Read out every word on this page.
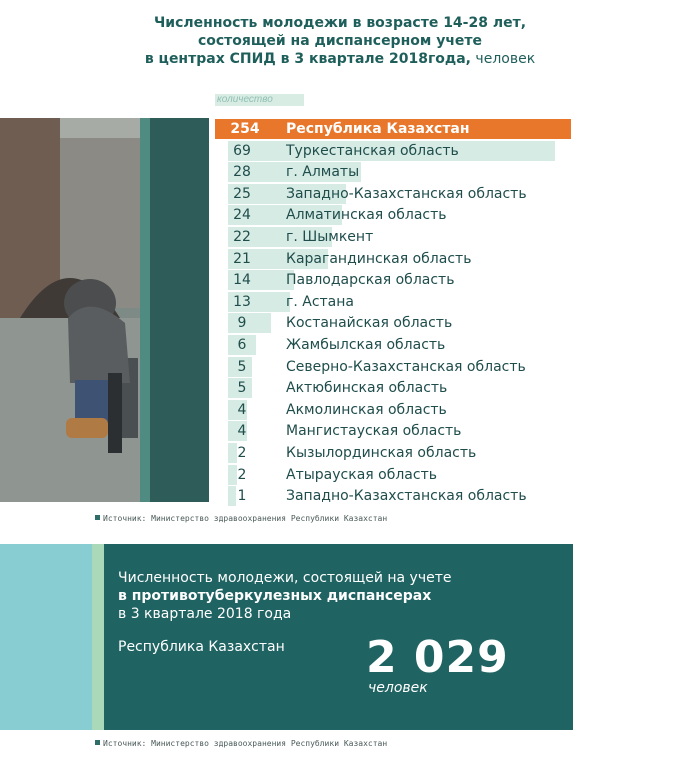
Численность молодежи в возрасте 14-28 лет,
состоящей на диспансерном учете
в центрах СПИД в 3 квартале 2018года, человек
количество
254	Республика Казахстан
69	Туркестанская область
28	г. Алматы
25	Западно-Казахстанская область
24	Алматинская область
22	г. Шымкент
21	Карагандинская область
14	Павлодарская область
13	г. Астана
9	Костанайская область
6	Жамбылская область
5	Северно-Казахстанская область
5	Актюбинская область
4	Акмолинская область
4	Мангистауская область
2	Кызылординская область
2	Атырауская область
1	Западно-Казахстанская область
Источник: Министерство здравоохранения Республики Казахстан
Численность молодежи, состоящей на учете
в противотуберкулезных диспансерах
в 3 квартале 2018 года
Республика Казахстан 2 029
человек
Источник: Министерство здравоохранения Республики Казахстан
